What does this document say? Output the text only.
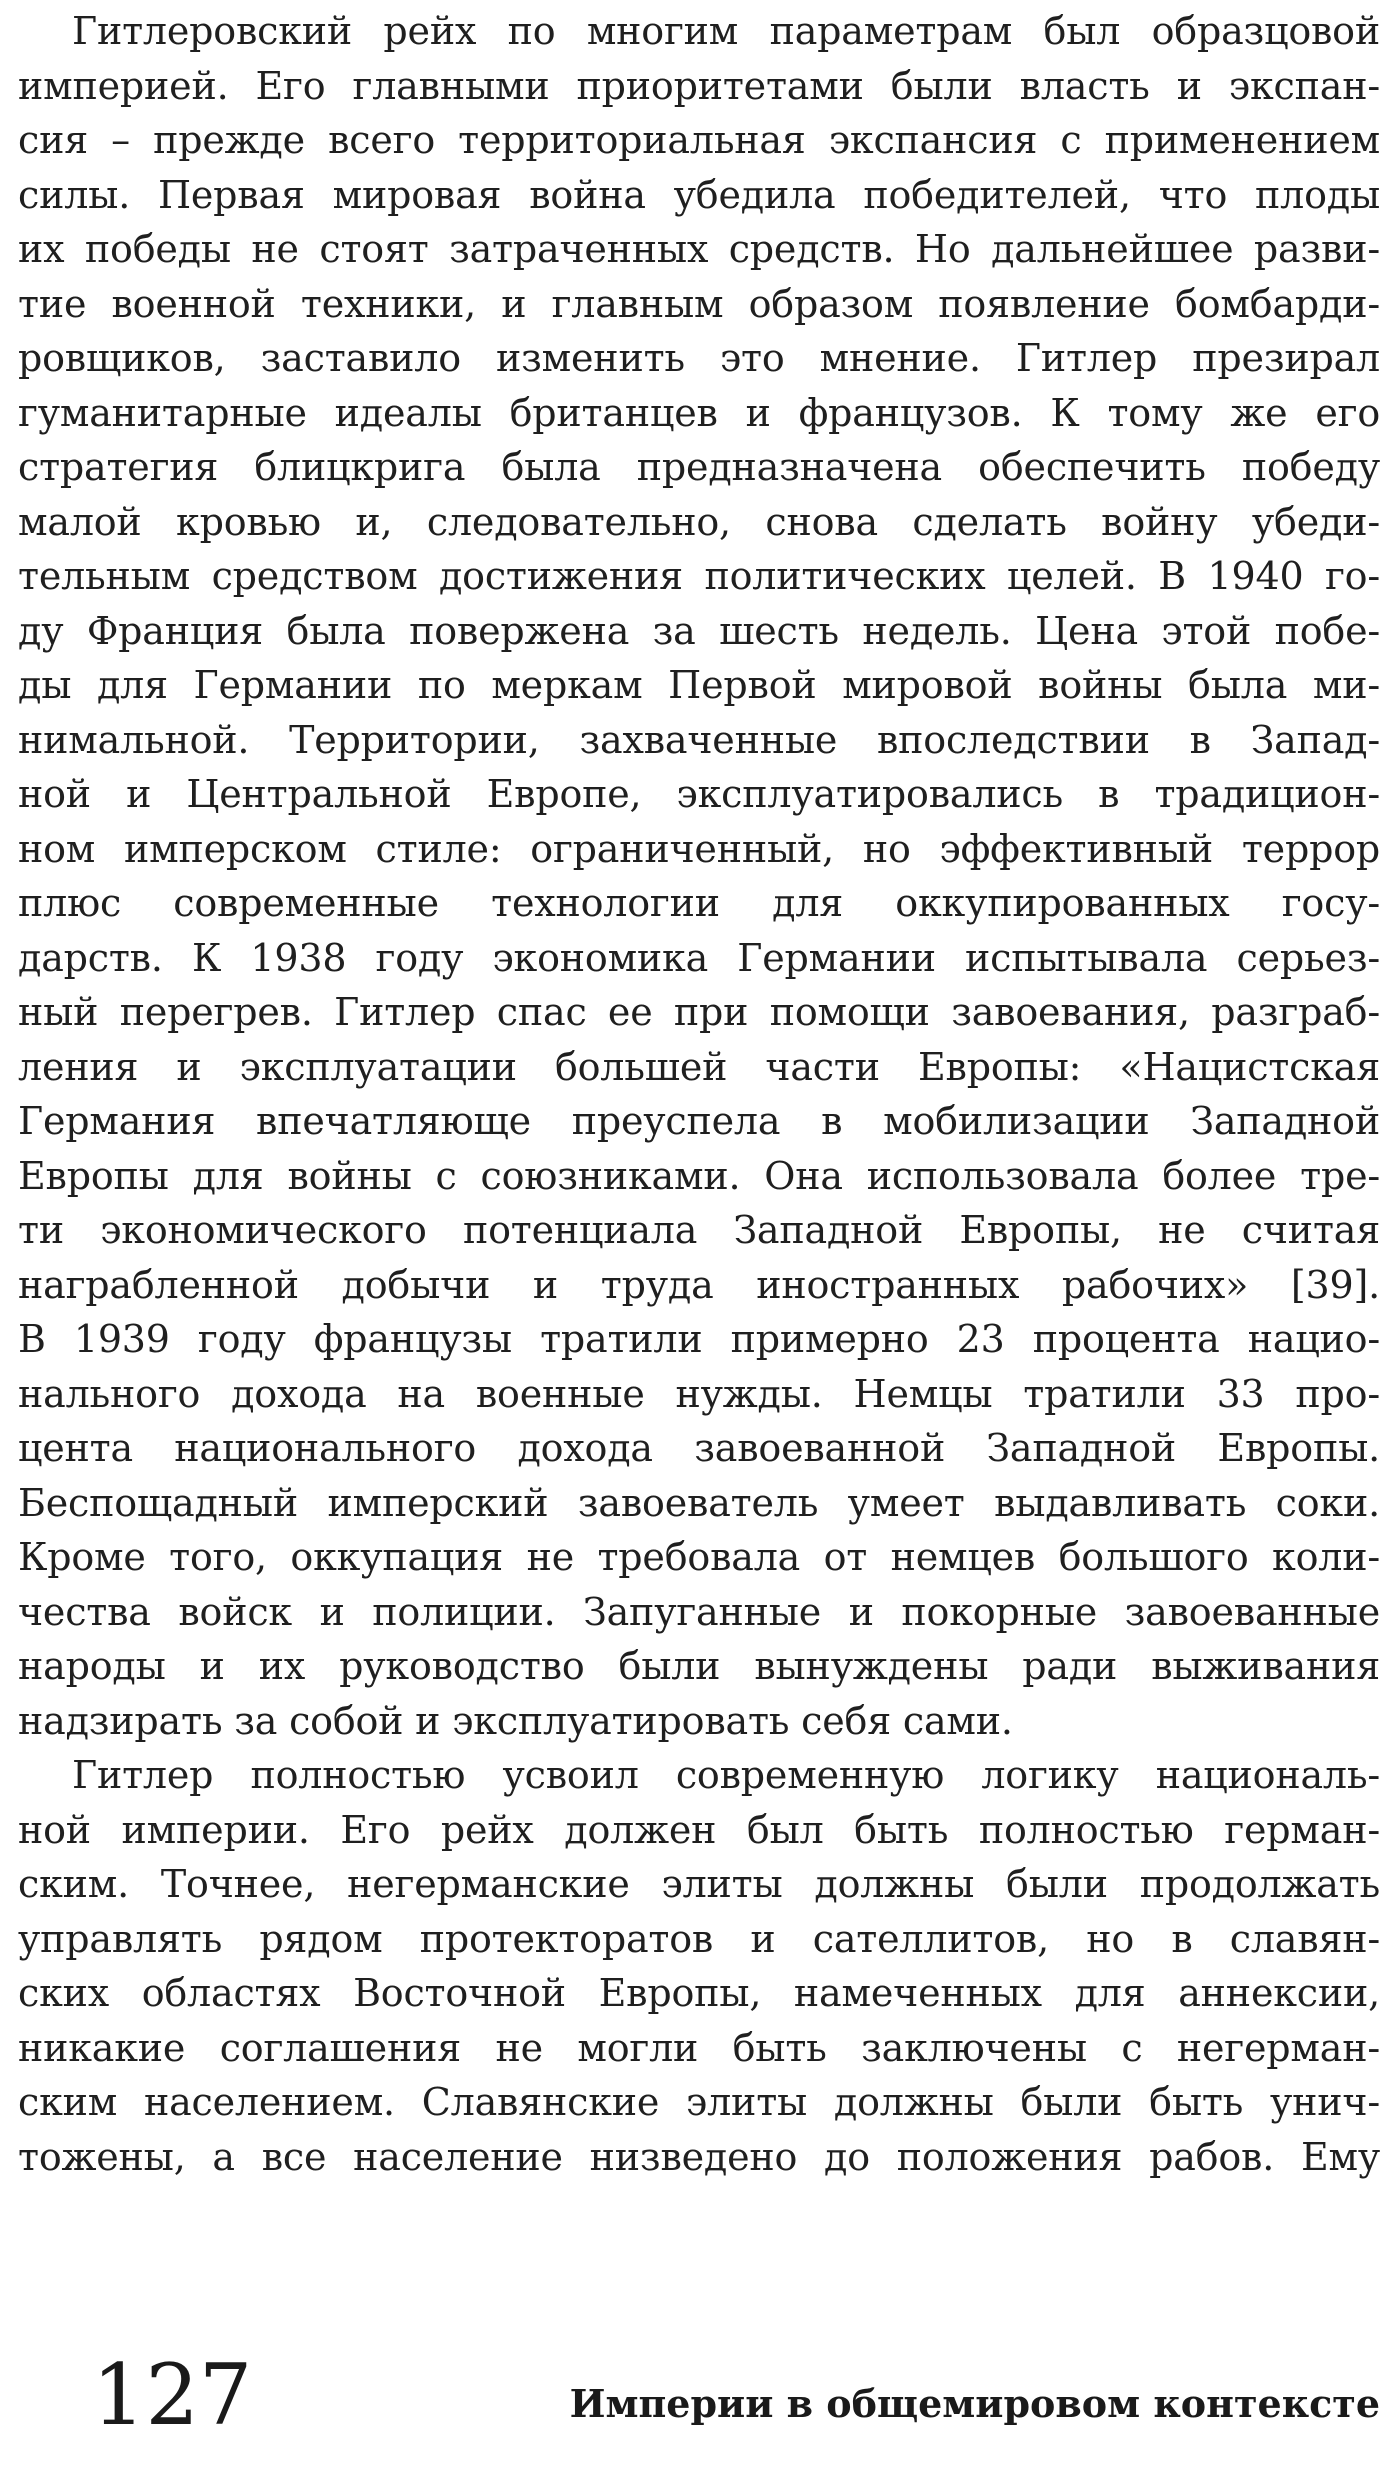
Гитлеровский рейх по многим параметрам был образцовой
империей. Его главными приоритетами были власть и экспан-
сия – прежде всего территориальная экспансия с применением
силы. Первая мировая война убедила победителей, что плоды
их победы не стоят затраченных средств. Но дальнейшее разви-
тие военной техники, и главным образом появление бомбарди-
ровщиков, заставило изменить это мнение. Гитлер презирал
гуманитарные идеалы британцев и французов. К тому же его
стратегия блицкрига была предназначена обеспечить победу
малой кровью и, следовательно, снова сделать войну убеди-
тельным средством достижения политических целей. В 1940 го-
ду Франция была повержена за шесть недель. Цена этой побе-
ды для Германии по меркам Первой мировой войны была ми-
нимальной. Территории, захваченные впоследствии в Запад-
ной и Центральной Европе, эксплуатировались в традицион-
ном имперском стиле: ограниченный, но эффективный террор
плюс современные технологии для оккупированных госу-
дарств. К 1938 году экономика Германии испытывала серьез-
ный перегрев. Гитлер спас ее при помощи завоевания, разграб-
ления и эксплуатации большей части Европы: «Нацистская
Германия впечатляюще преуспела в мобилизации Западной
Европы для войны с союзниками. Она использовала более тре-
ти экономического потенциала Западной Европы, не считая
награбленной добычи и труда иностранных рабочих» [39].
В 1939 году французы тратили примерно 23 процента нацио-
нального дохода на военные нужды. Немцы тратили 33 про-
цента национального дохода завоеванной Западной Европы.
Беспощадный имперский завоеватель умеет выдавливать соки.
Кроме того, оккупация не требовала от немцев большого коли-
чества войск и полиции. Запуганные и покорные завоеванные
народы и их руководство были вынуждены ради выживания
надзирать за собой и эксплуатировать себя сами.
Гитлер полностью усвоил современную логику националь-
ной империи. Его рейх должен был быть полностью герман-
ским. Точнее, негерманские элиты должны были продолжать
управлять рядом протекторатов и сателлитов, но в славян-
ских областях Восточной Европы, намеченных для аннексии,
никакие соглашения не могли быть заключены с негерман-
ским населением. Славянские элиты должны были быть унич-
тожены, а все население низведено до положения рабов. Ему
127	Империи в общемировом контексте
